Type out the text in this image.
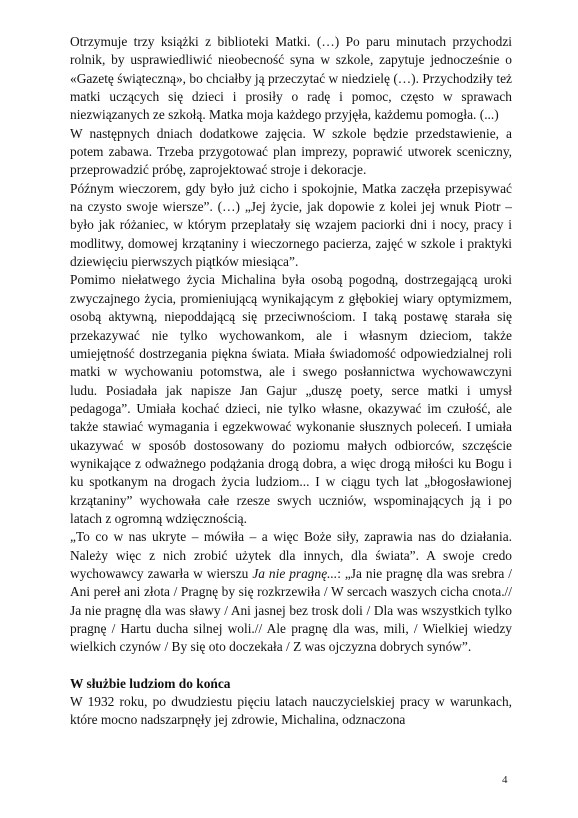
Otrzymuje trzy książki z biblioteki Matki. (…) Po paru minutach przychodzi rolnik, by usprawiedliwić nieobecność syna w szkole, zapytuje jednocześnie o «Gazetę świąteczną», bo chciałby ją przeczytać w niedzielę (…). Przychodziły też matki uczących się dzieci i prosiły o radę i pomoc, często w sprawach niezwiązanych ze szkołą. Matka moja każdego przyjęła, każdemu pomogła. (...)

W następnych dniach dodatkowe zajęcia. W szkole będzie przedstawienie, a potem zabawa. Trzeba przygotować plan imprezy, poprawić utworek sceniczny, przeprowadzić próbę, zaprojektować stroje i dekoracje.

Późnym wieczorem, gdy było już cicho i spokojnie, Matka zaczęła przepisywać na czysto swoje wiersze”. (…) „Jej życie, jak dopowie z kolei jej wnuk Piotr – było jak różaniec, w którym przeplatały się wzajem paciorki dni i nocy, pracy i modlitwy, domowej krzątaniny i wieczornego pacierza, zajęć w szkole i praktyki dziewięciu pierwszych piątków miesiąca”.

Pomimo niełatwego życia Michalina była osobą pogodną, dostrzegającą uroki zwyczajnego życia, promieniującą wynikającym z głębokiej wiary optymizmem, osobą aktywną, niepoddającą się przeciwnościom. I taką postawę starała się przekazywać nie tylko wychowankom, ale i własnym dzieciom, także umiejętność dostrzegania piękna świata. Miała świadomość odpowiedzialnej roli matki w wychowaniu potomstwa, ale i swego posłannictwa wychowawczyni ludu. Posiadała jak napisze Jan Gajur „duszę poety, serce matki i umysł pedagoga”. Umiała kochać dzieci, nie tylko własne, okazywać im czułość, ale także stawiać wymagania i egzekwować wykonanie słusznych poleceń. I umiała ukazywać w sposób dostosowany do poziomu małych odbiorców, szczęście wynikające z odważnego podążania drogą dobra, a więc drogą miłości ku Bogu i ku spotkanym na drogach życia ludziom... I w ciągu tych lat „błogosławionej krzątaniny” wychowała całe rzesze swych uczniów, wspominających ją i po latach z ogromną wdzięcznością.

„To co w nas ukryte – mówiła – a więc Boże siły, zaprawia nas do działania. Należy więc z nich zrobić użytek dla innych, dla świata”. A swoje credo wychowawcy zawarła w wierszu Ja nie pragnę...: „Ja nie pragnę dla was srebra / Ani pereł ani złota / Pragnę by się rozkrzewiła / W sercach waszych cicha cnota.// Ja nie pragnę dla was sławy / Ani jasnej bez trosk doli / Dla was wszystkich tylko pragnę / Hartu ducha silnej woli.// Ale pragnę dla was, mili, / Wielkiej wiedzy wielkich czynów / By się oto doczekała / Z was ojczyzna dobrych synów”.

W służbie ludziom do końca

W 1932 roku, po dwudziestu pięciu latach nauczycielskiej pracy w warunkach, które mocno nadszarpnęły jej zdrowie, Michalina, odznaczona

4
